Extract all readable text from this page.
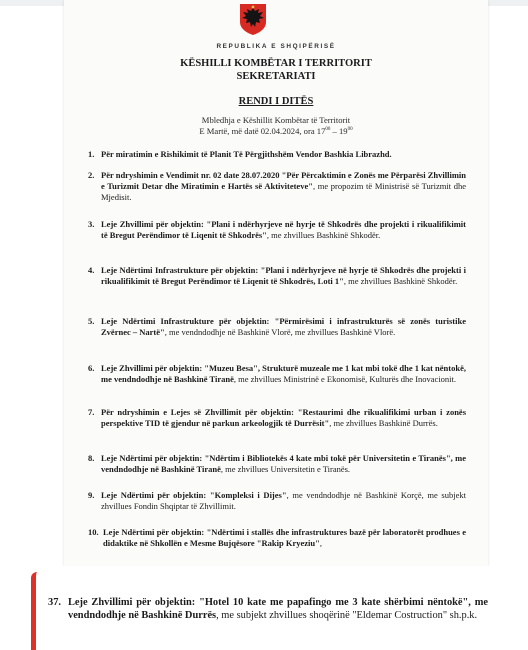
REPUBLIKA E SHQIPËRISË
KËSHILLI KOMBËTAR I TERRITORIT
SEKRETARIATI
RENDI I DITËS
Mbledhja e Këshillit Kombëtar të Territorit
E Martë, më datë 02.04.2024, ora $17^{00} - 19^{00}$
1. Për miratimin e Rishikimit të Planit Të Përgjithshëm Vendor Bashkia Librazhd.
2. Për ndryshimin e Vendimit nr. 02 date 28.07.2020 "Për Përcaktimin e Zonës me Përparësi Zhvillimin e Turizmit Detar dhe Miratimin e Hartës së Aktiviteteve", me propozim të Ministrisë së Turizmit dhe Mjedisit.
3. Leje Zhvillimi për objektin: "Plani i ndërhyrjeve në hyrje të Shkodrës dhe projekti i rikualifikimit të Bregut Perëndimor të Liqenit të Shkodrës", me zhvillues Bashkinë Shkodër.
4. Leje Ndërtimi Infrastrukture për objektin: "Plani i ndërhyrjeve në hyrje të Shkodrës dhe projekti i rikualifikimit të Bregut Perëndimor të Liqenit të Shkodrës, Loti 1", me zhvillues Bashkinë Shkodër.
5. Leje Ndërtimi Infrastrukture për objektin: "Përmirësimi i infrastrukturës së zonës turistike Zvërnec – Nartë", me vendndodhje në Bashkinë Vlorë, me zhvillues Bashkinë Vlorë.
6. Leje Zhvillimi për objektin: "Muzeu Besa", Strukturë muzeale me 1 kat mbi tokë dhe 1 kat nëntokë, me vendndodhje në Bashkinë Tiranë, me zhvillues Ministrinë e Ekonomisë, Kulturës dhe Inovacionit.
7. Për ndryshimin e Lejes së Zhvillimit për objektin: "Restaurimi dhe rikualifikimi urban i zonës perspektive TID të gjendur në parkun arkeologjik të Durrësit", me zhvillues Bashkinë Durrës.
8. Leje Ndërtimi për objektin: "Ndërtim i Bibliotekës 4 kate mbi tokë për Universitetin e Tiranës", me vendndodhje në Bashkinë Tiranë, me zhvillues Universitetin e Tiranës.
9. Leje Ndërtimi për objektin: "Kompleksi i Dijes", me vendndodhje në Bashkinë Korçë, me subjekt zhvillues Fondin Shqiptar të Zhvillimit.
10. Leje Ndërtimi për objektin: "Ndërtimi i stallës dhe infrastruktures bazë për laboratorët prodhues e didaktike në Shkollën e Mesme Bujqësore "Rakip Kryeziu",
37. Leje Zhvillimi për objektin: "Hotel 10 kate me papafingo me 3 kate shërbimi nëntokë", me vendndodhje në Bashkinë Durrës, me subjekt zhvillues shoqërinë "Eldemar Costruction" sh.p.k.
